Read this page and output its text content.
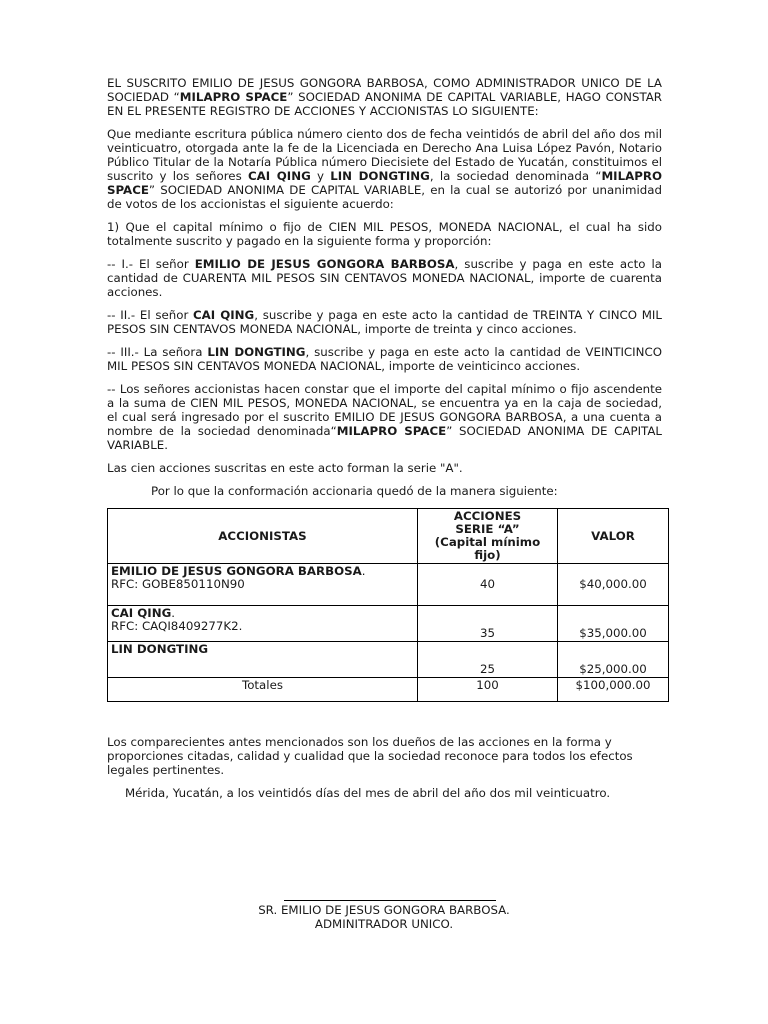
EL SUSCRITO EMILIO DE JESUS GONGORA BARBOSA, COMO ADMINISTRADOR UNICO DE LA SOCIEDAD “MILAPRO SPACE” SOCIEDAD ANONIMA DE CAPITAL VARIABLE, HAGO CONSTAR EN EL PRESENTE REGISTRO DE ACCIONES Y ACCIONISTAS LO SIGUIENTE:

Que mediante escritura pública número ciento dos de fecha veintidós de abril del año dos mil veinticuatro, otorgada ante la fe de la Licenciada en Derecho Ana Luisa López Pavón, Notario Público Titular de la Notaría Pública número Diecisiete del Estado de Yucatán, constituimos el suscrito y los señores CAI QING y LIN DONGTING, la sociedad denominada “MILAPRO SPACE” SOCIEDAD ANONIMA DE CAPITAL VARIABLE, en la cual se autorizó por unanimidad de votos de los accionistas el siguiente acuerdo:

1) Que el capital mínimo o fijo de CIEN MIL PESOS, MONEDA NACIONAL, el cual ha sido totalmente suscrito y pagado en la siguiente forma y proporción:

-- I.- El señor EMILIO DE JESUS GONGORA BARBOSA, suscribe y paga en este acto la cantidad de CUARENTA MIL PESOS SIN CENTAVOS MONEDA NACIONAL, importe de cuarenta acciones.

-- II.- El señor CAI QING, suscribe y paga en este acto la cantidad de TREINTA Y CINCO MIL PESOS SIN CENTAVOS MONEDA NACIONAL, importe de treinta y cinco acciones.

-- III.- La señora LIN DONGTING, suscribe y paga en este acto la cantidad de VEINTICINCO MIL PESOS SIN CENTAVOS MONEDA NACIONAL, importe de veinticinco acciones.

-- Los señores accionistas hacen constar que el importe del capital mínimo o fijo ascendente a la suma de CIEN MIL PESOS, MONEDA NACIONAL, se encuentra ya en la caja de sociedad, el cual será ingresado por el suscrito EMILIO DE JESUS GONGORA BARBOSA, a una cuenta a nombre de la sociedad denominada“MILAPRO SPACE” SOCIEDAD ANONIMA DE CAPITAL VARIABLE.

Las cien acciones suscritas en este acto forman la serie "A".

Por lo que la conformación accionaria quedó de la manera siguiente:

ACCIONISTAS	ACCIONES
SERIE “A”
(Capital mínimo
fijo)	VALOR
EMILIO DE JESUS GONGORA BARBOSA.
RFC: GOBE850110N90	40	$40,000.00
CAI QING.
RFC: CAQI8409277K2.	35	$35,000.00
LIN DONGTING	25	$25,000.00
Totales	100	$100,000.00

Los comparecientes antes mencionados son los dueños de las acciones en la forma y proporciones citadas, calidad y cualidad que la sociedad reconoce para todos los efectos legales pertinentes.

Mérida, Yucatán, a los veintidós días del mes de abril del año dos mil veinticuatro.

SR. EMILIO DE JESUS GONGORA BARBOSA.
ADMINITRADOR UNICO.
